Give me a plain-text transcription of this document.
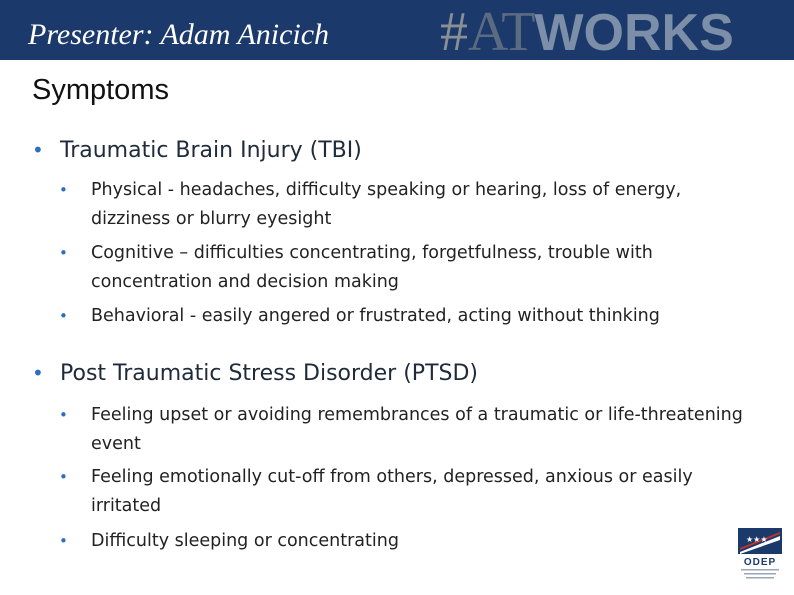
Presenter: Adam Anicich #ATWORKS
Symptoms
• Traumatic Brain Injury (TBI)
•	Physical - headaches, difficulty speaking or hearing, loss of energy, dizziness or blurry eyesight
•	Cognitive – difficulties concentrating, forgetfulness, trouble with concentration and decision making
•	Behavioral - easily angered or frustrated, acting without thinking
• Post Traumatic Stress Disorder (PTSD)
•	Feeling upset or avoiding remembrances of a traumatic or life-threatening event
•	Feeling emotionally cut-off from others, depressed, anxious or easily irritated
•	Difficulty sleeping or concentrating	★★★
ODEP
